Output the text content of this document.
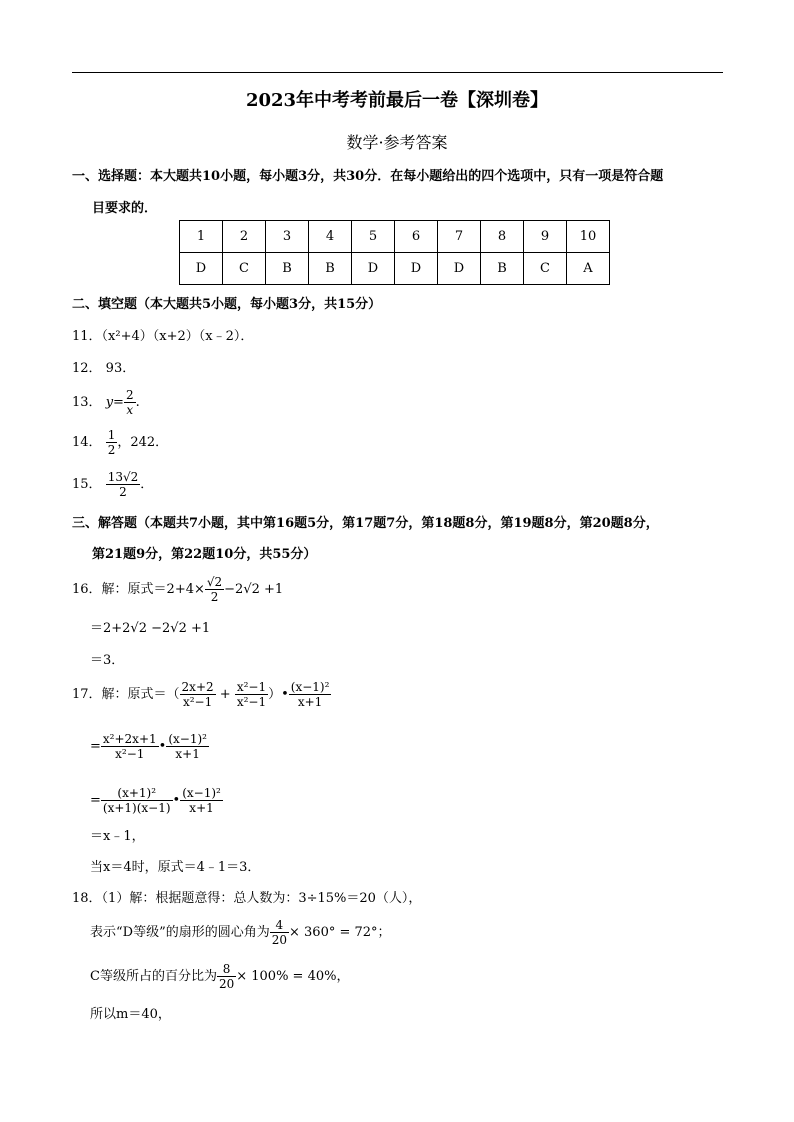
2023年中考考前最后一卷【深圳卷】
数学·参考答案
一、选择题：本大题共10小题，每小题3分，共30分．在每小题给出的四个选项中，只有一项是符合题
目要求的．
1	2	3	4	5	6	7	8	9	10
D	C	B	B	D	D	D	B	C	A
二、填空题（本大题共5小题，每小题3分，共15分）
11．（x²+4）（x+2）（x﹣2）．
12． 93．
13． $y= \frac{2}{x}$ .
14． $\frac{1}{2}$ ，242．
15． $\frac{13√2}{2}$ ．
三、解答题（本题共7小题，其中第16题5分，第17题7分，第18题8分，第19题8分，第20题8分，
第21题9分，第22题10分，共55分）
16．解：原式$=2+4\times \frac{√2}{2} -2√2 +1$
＝2+2√2 −2√2 +1
＝3．
17．解：原式＝（ $\frac{2x+2}{\text{x²−1}} + \frac{\text{x²−1}}{\text{x²−1}}$ ）• $\frac{\text{(x−1)²}}{x+1}$
= $\frac{\text{x²+2x+1}}{\text{x²−1}}$ • $\frac{\text{(x−1)²}}{x+1}$
= $\frac{\text{(x+1)²}}{(x+1)(x-1)}$ • $\frac{\text{(x−1)²}}{x+1}$
＝x﹣1，
当x＝4时，原式＝4﹣1＝3．
18．（1）解：根据题意得：总人数为：3÷15%＝20（人），
表示“D等级”的扇形的圆心角为 $\frac{4}{20} \times 360^\circ = 72^\circ$；
C等级所占的百分比为 $\frac{8}{20} \times 100\% = 40\%$，
所以m＝40，
